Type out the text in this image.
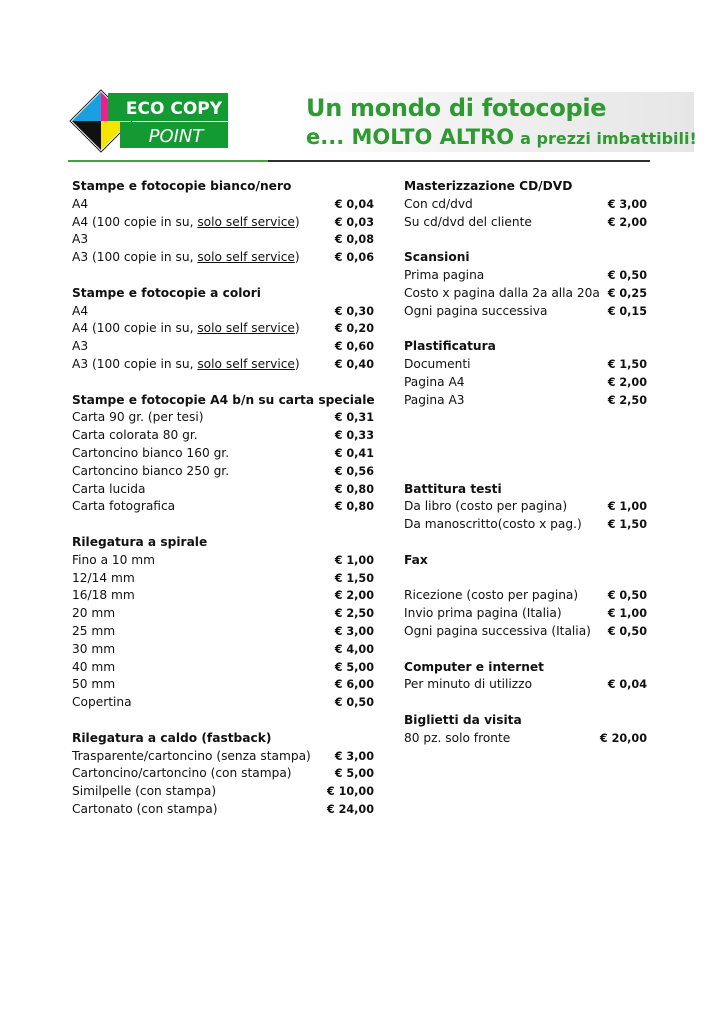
ECO COPY
POINT
Un mondo di fotocopie
e... MOLTO ALTRO a prezzi imbattibili!
Stampe e fotocopie bianco/nero
A4	€ 0,04
A4 (100 copie in su, solo self service)	€ 0,03
A3	€ 0,08
A3 (100 copie in su, solo self service)	€ 0,06
Stampe e fotocopie a colori
A4	€ 0,30
A4 (100 copie in su, solo self service)	€ 0,20
A3	€ 0,60
A3 (100 copie in su, solo self service)	€ 0,40
Stampe e fotocopie A4 b/n su carta speciale
Carta 90 gr. (per tesi)	€ 0,31
Carta colorata 80 gr.	€ 0,33
Cartoncino bianco 160 gr.	€ 0,41
Cartoncino bianco 250 gr.	€ 0,56
Carta lucida	€ 0,80
Carta fotografica	€ 0,80
Rilegatura a spirale
Fino a 10 mm	€ 1,00
12/14 mm	€ 1,50
16/18 mm	€ 2,00
20 mm	€ 2,50
25 mm	€ 3,00
30 mm	€ 4,00
40 mm	€ 5,00
50 mm	€ 6,00
Copertina	€ 0,50
Rilegatura a caldo (fastback)
Trasparente/cartoncino (senza stampa) € 3,00
Cartoncino/cartoncino (con stampa)	€ 5,00
Similpelle (con stampa)	€ 10,00
Cartonato (con stampa)	€ 24,00
Masterizzazione CD/DVD
Con cd/dvd	€ 3,00
Su cd/dvd del cliente	€ 2,00
Scansioni
Prima pagina	€ 0,50
Costo x pagina dalla 2a alla 20a € 0,25
Ogni pagina successiva	€ 0,15
Plastificatura
Documenti	€ 1,50
Pagina A4	€ 2,00
Pagina A3	€ 2,50
Battitura testi
Da libro (costo per pagina)	€ 1,00
Da manoscritto(costo x pag.) € 1,50
Fax
Ricezione (costo per pagina)	€ 0,50
Invio prima pagina (Italia)	€ 1,00
Ogni pagina successiva (Italia) € 0,50
Computer e internet
Per minuto di utilizzo	€ 0,04
Biglietti da visita
80 pz. solo fronte	€ 20,00
